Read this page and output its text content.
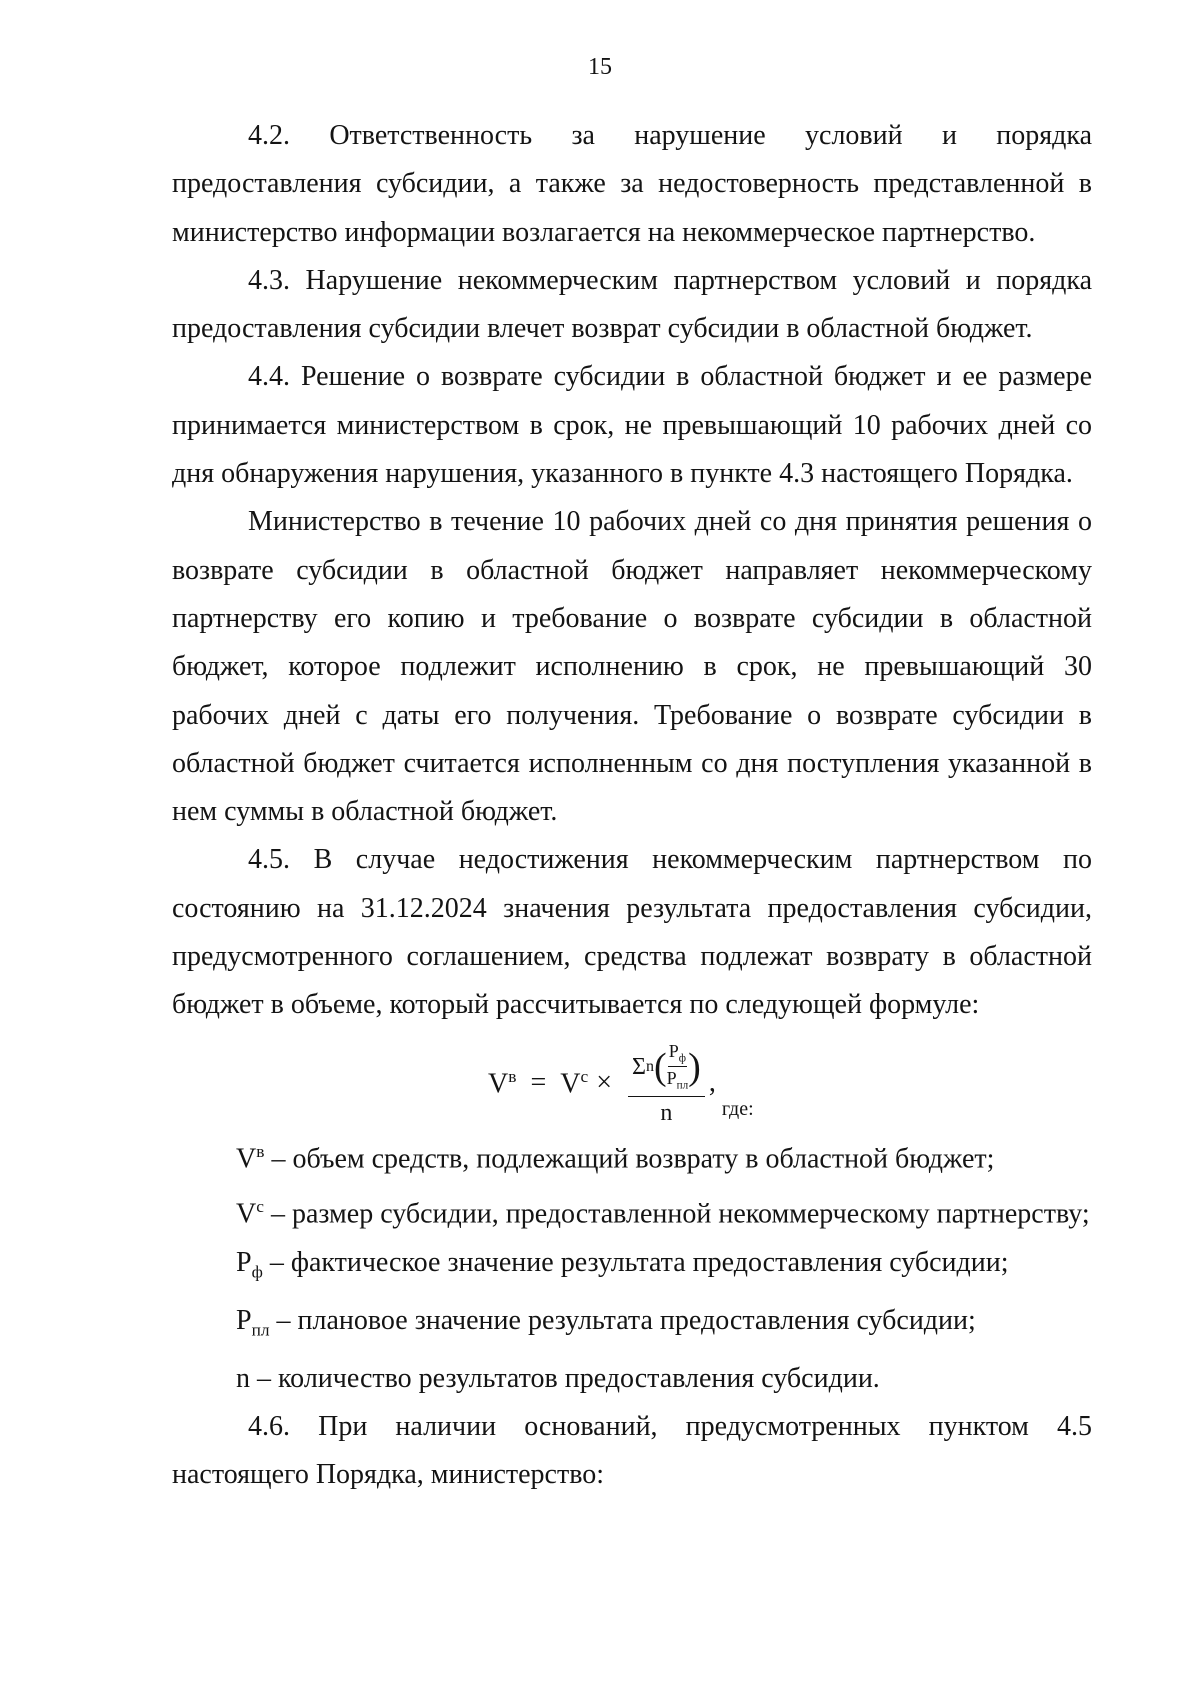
15

4.2. Ответственность за нарушение условий и порядка предоставления субсидии, а также за недостоверность представленной в министерство информации возлагается на некоммерческое партнерство.

4.3. Нарушение некоммерческим партнерством условий и порядка предоставления субсидии влечет возврат субсидии в областной бюджет.

4.4. Решение о возврате субсидии в областной бюджет и ее размере принимается министерством в срок, не превышающий 10 рабочих дней со дня обнаружения нарушения, указанного в пункте 4.3 настоящего Порядка.

Министерство в течение 10 рабочих дней со дня принятия решения о возврате субсидии в областной бюджет направляет некоммерческому партнерству его копию и требование о возврате субсидии в областной бюджет, которое подлежит исполнению в срок, не превышающий 30 рабочих дней с даты его получения. Требование о возврате субсидии в областной бюджет считается исполненным со дня поступления указанной в нем суммы в областной бюджет.

4.5. В случае недостижения некоммерческим партнерством по состоянию на 31.12.2024 значения результата предоставления субсидии, предусмотренного соглашением, средства подлежат возврату в областной бюджет в объеме, который рассчитывается по следующей формуле:

$V^в = V^с$ ×
Σ n ( $\frac{Р_ф}{Р_{пл}}$ )
n
,
где:

$V^в$ – объем средств, подлежащий возврату в областной бюджет;

$V^с$ – размер субсидии, предоставленной некоммерческому партнерству;

$Р_ф$ – фактическое значение результата предоставления субсидии;

$Р_{пл}$ – плановое значение результата предоставления субсидии;

n – количество результатов предоставления субсидии.

4.6. При наличии оснований, предусмотренных пунктом 4.5 настоящего Порядка, министерство:
